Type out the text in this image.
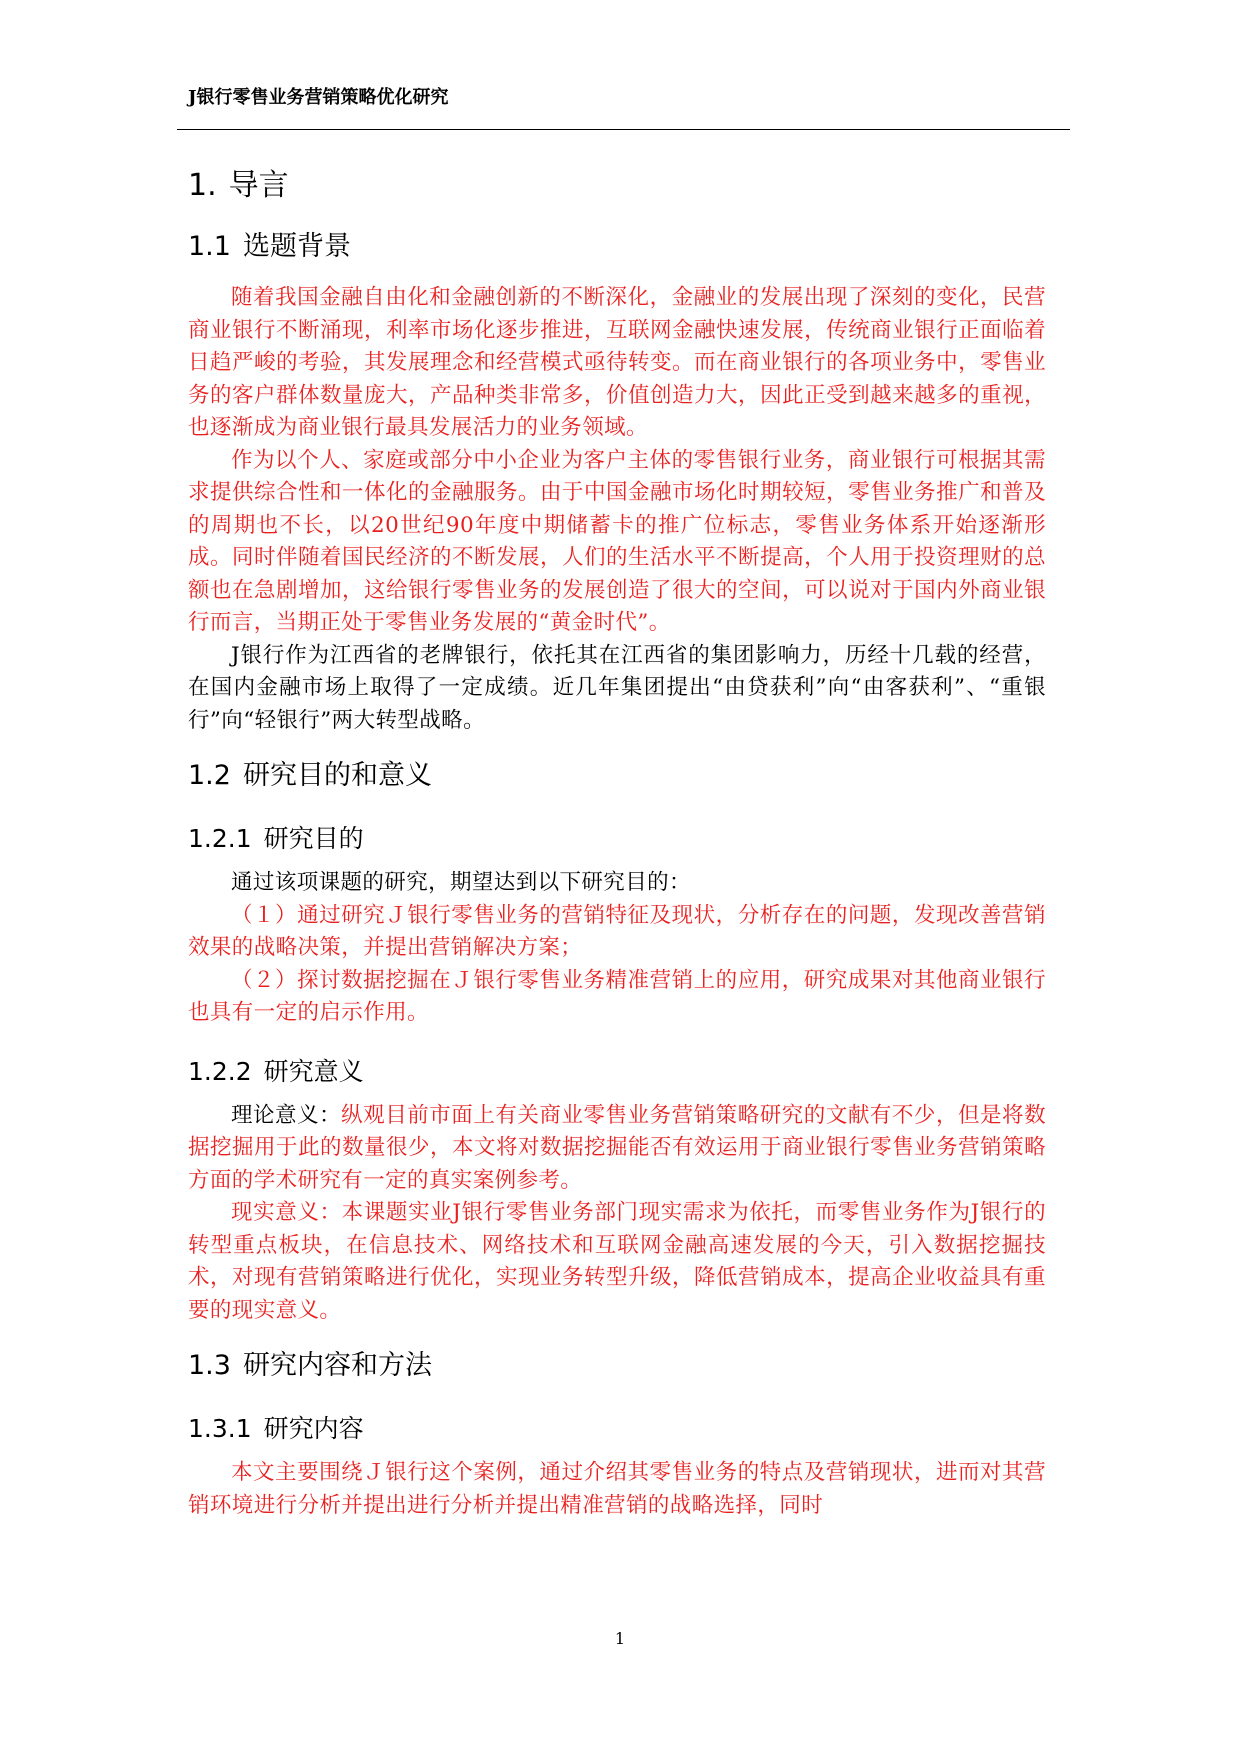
J银行零售业务营销策略优化研究
1. 导言
1.1 选题背景

随着我国金融自由化和金融创新的不断深化，金融业的发展出现了深刻的变化，民营商业银行不断涌现，利率市场化逐步推进，互联网金融快速发展，传统商业银行正面临着日趋严峻的考验，其发展理念和经营模式亟待转变。而在商业银行的各项业务中，零售业务的客户群体数量庞大，产品种类非常多，价值创造力大，因此正受到越来越多的重视，也逐渐成为商业银行最具发展活力的业务领域。

作为以个人、家庭或部分中小企业为客户主体的零售银行业务，商业银行可根据其需求提供综合性和一体化的金融服务。由于中国金融市场化时期较短，零售业务推广和普及的周期也不长，以20世纪90年度中期储蓄卡的推广位标志，零售业务体系开始逐渐形成。同时伴随着国民经济的不断发展，人们的生活水平不断提高，个人用于投资理财的总额也在急剧增加，这给银行零售业务的发展创造了很大的空间，可以说对于国内外商业银行而言，当期正处于零售业务发展的“黄金时代”。

J银行作为江西省的老牌银行，依托其在江西省的集团影响力，历经十几载的经营，在国内金融市场上取得了一定成绩。近几年集团提出“由贷获利”向“由客获利”、“重银行”向“轻银行”两大转型战略。

1.2 研究目的和意义
1.2.1 研究目的

通过该项课题的研究，期望达到以下研究目的：

（１）通过研究Ｊ银行零售业务的营销特征及现状，分析存在的问题，发现改善营销效果的战略决策，并提出营销解决方案；

（２）探讨数据挖掘在Ｊ银行零售业务精准营销上的应用，研究成果对其他商业银行也具有一定的启示作用。

1.2.2 研究意义

理论意义：纵观目前市面上有关商业零售业务营销策略研究的文献有不少，但是将数据挖掘用于此的数量很少，本文将对数据挖掘能否有效运用于商业银行零售业务营销策略方面的学术研究有一定的真实案例参考。

现实意义：本课题实业J银行零售业务部门现实需求为依托，而零售业务作为J银行的转型重点板块，在信息技术、网络技术和互联网金融高速发展的今天，引入数据挖掘技术，对现有营销策略进行优化，实现业务转型升级，降低营销成本，提高企业收益具有重要的现实意义。

1.3 研究内容和方法
1.3.1 研究内容

本文主要围绕Ｊ银行这个案例，通过介绍其零售业务的特点及营销现状，进而对其营销环境进行分析并提出进行分析并提出精准营销的战略选择，同时

1
